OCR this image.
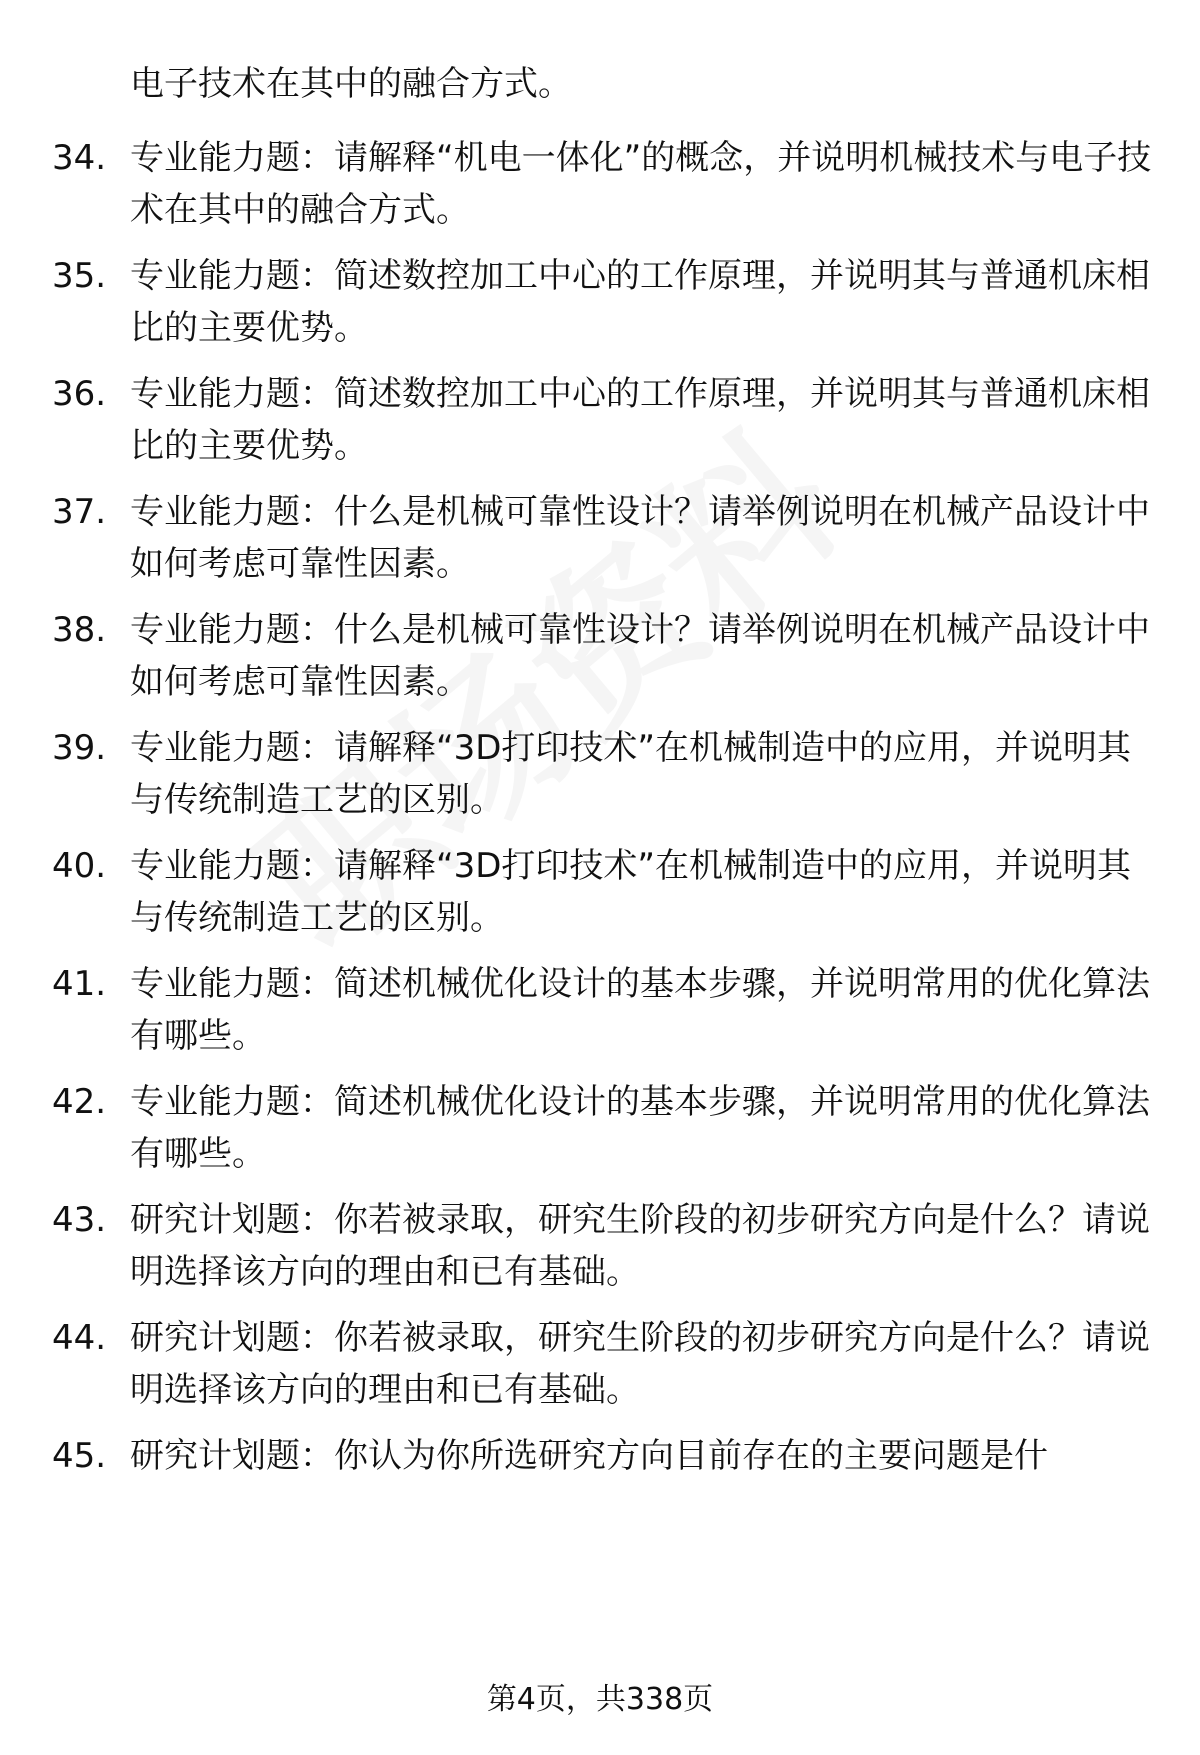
电子技术在其中的融合方式。

34. 专业能力题：请解释“机电一体化”的概念，并说明机械技术与电子技术在其中的融合方式。
35. 专业能力题：简述数控加工中心的工作原理，并说明其与普通机床相比的主要优势。
36. 专业能力题：简述数控加工中心的工作原理，并说明其与普通机床相比的主要优势。
37. 专业能力题：什么是机械可靠性设计？请举例说明在机械产品设计中如何考虑可靠性因素。
38. 专业能力题：什么是机械可靠性设计？请举例说明在机械产品设计中如何考虑可靠性因素。
39. 专业能力题：请解释“3D打印技术”在机械制造中的应用，并说明其与传统制造工艺的区别。
40. 专业能力题：请解释“3D打印技术”在机械制造中的应用，并说明其与传统制造工艺的区别。
41. 专业能力题：简述机械优化设计的基本步骤，并说明常用的优化算法有哪些。
42. 专业能力题：简述机械优化设计的基本步骤，并说明常用的优化算法有哪些。
43. 研究计划题：你若被录取，研究生阶段的初步研究方向是什么？请说明选择该方向的理由和已有基础。
44. 研究计划题：你若被录取，研究生阶段的初步研究方向是什么？请说明选择该方向的理由和已有基础。
45. 研究计划题：你认为你所选研究方向目前存在的主要问题是什
第4页，共338页
